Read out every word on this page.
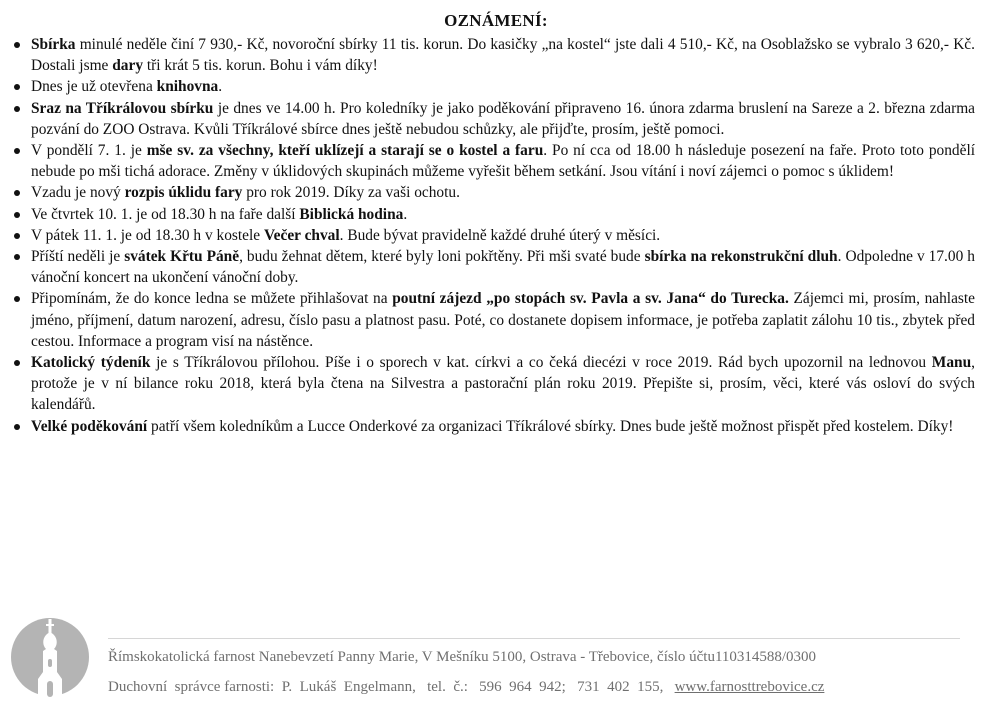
OZNÁMENÍ:
Sbírka minulé neděle činí 7 930,- Kč, novoroční sbírky 11 tis. korun. Do kasičky „na kostel“ jste dali 4 510,- Kč, na Osoblažsko se vybralo 3 620,- Kč. Dostali jsme dary tři krát 5 tis. korun. Bohu i vám díky!
Dnes je už otevřena knihovna.
Sraz na Tříkrálovou sbírku je dnes ve 14.00 h. Pro koledníky je jako poděkování připraveno 16. února zdarma bruslení na Sareze a 2. března zdarma pozvání do ZOO Ostrava. Kvůli Tříkrálové sbírce dnes ještě nebudou schůzky, ale přijďte, prosím, ještě pomoci.
V pondělí 7. 1. je mše sv. za všechny, kteří uklízejí a starají se o kostel a faru. Po ní cca od 18.00 h následuje posezení na faře. Proto toto pondělí nebude po mši tichá adorace. Změny v úklidových skupinách můžeme vyřešit během setkání. Jsou vítání i noví zájemci o pomoc s úklidem!
Vzadu je nový rozpis úklidu fary pro rok 2019. Díky za vaši ochotu.
Ve čtvrtek 10. 1. je od 18.30 h na faře další Biblická hodina.
V pátek 11. 1. je od 18.30 h v kostele Večer chval. Bude bývat pravidelně každé druhé úterý v měsíci.
Příští neděli je svátek Křtu Páně, budu žehnat dětem, které byly loni pokřtěny. Při mši svaté bude sbírka na rekonstrukční dluh. Odpoledne v 17.00 h vánoční koncert na ukončení vánoční doby.
Připomínám, že do konce ledna se můžete přihlašovat na poutní zájezd „po stopách sv. Pavla a sv. Jana“ do Turecka. Zájemci mi, prosím, nahlaste jméno, příjmení, datum narození, adresu, číslo pasu a platnost pasu. Poté, co dostanete dopisem informace, je potřeba zaplatit zálohu 10 tis., zbytek před cestou. Informace a program visí na nástěnce.
Katolický týdeník je s Tříkrálovou přílohou. Píše i o sporech v kat. církvi a co čeká diecézi v roce 2019. Rád bych upozornil na lednovou Manu, protože je v ní bilance roku 2018, která byla čtena na Silvestra a pastorační plán roku 2019. Přepište si, prosím, věci, které vás osloví do svých kalendářů.
Velké poděkování patří všem koledníkům a Lucce Onderkové za organizaci Tříkrálové sbírky. Dnes bude ještě možnost přispět před kostelem. Díky!
Římskokatolická farnost Nanebevzetí Panny Marie, V Mešníku 5100, Ostrava - Třebovice, číslo účtu110314588/0300
Duchovní  správce farnosti:  P.  Lukáš  Engelmann,   tel.  č.:   596  964  942;   731  402  155,   www.farnosttrebovice.cz
